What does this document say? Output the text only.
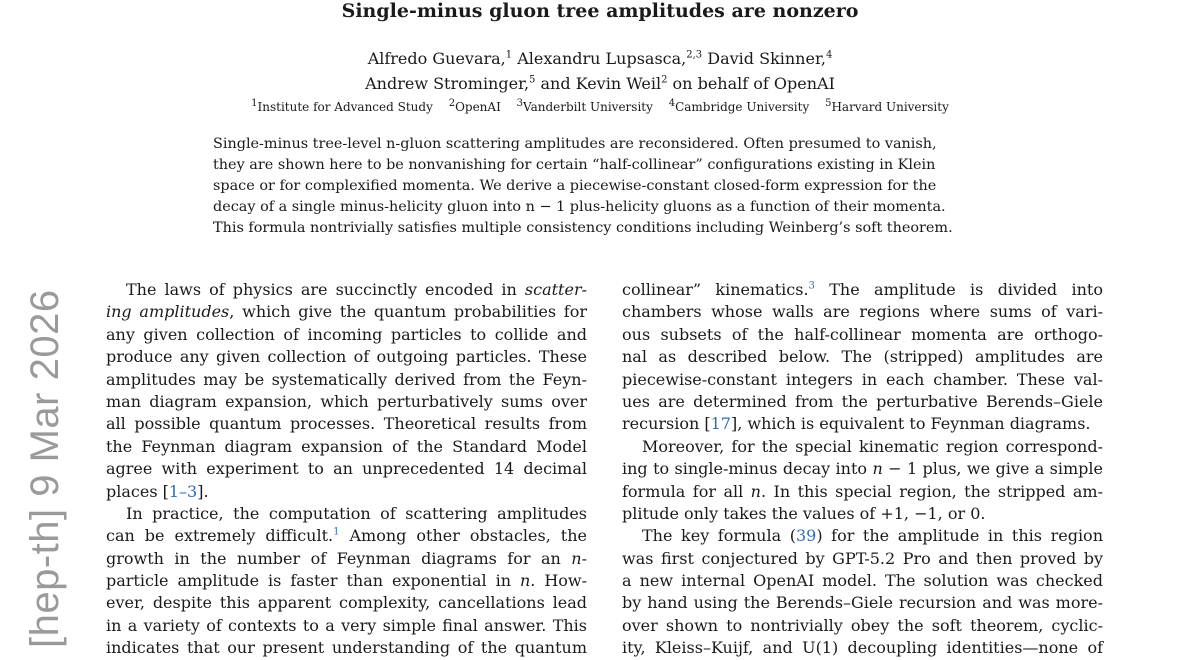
[hep-th] 9 Mar 2026
Single-minus gluon tree amplitudes are nonzero
Alfredo Guevara,$^1$ Alexandru Lupsasca,$^{2,3}$ David Skinner,$^4$
Andrew Strominger,$^5$ and Kevin Weil$^2$ on behalf of OpenAI
$^1$Institute for Advanced Study $^2$OpenAI $^3$Vanderbilt University $^4$Cambridge University $^5$Harvard University
Single-minus tree-level n-gluon scattering amplitudes are reconsidered. Often presumed to vanish,
they are shown here to be nonvanishing for certain “half-collinear” configurations existing in Klein
space or for complexified momenta. We derive a piecewise-constant closed-form expression for the
decay of a single minus-helicity gluon into n − 1 plus-helicity gluons as a function of their momenta.
This formula nontrivially satisfies multiple consistency conditions including Weinberg’s soft theorem.
The laws of physics are succinctly encoded in scatter-
ing amplitudes, which give the quantum probabilities for
any given collection of incoming particles to collide and
produce any given collection of outgoing particles. These
amplitudes may be systematically derived from the Feyn-
man diagram expansion, which perturbatively sums over
all possible quantum processes. Theoretical results from
the Feynman diagram expansion of the Standard Model
agree with experiment to an unprecedented 14 decimal
places [1–3].
In practice, the computation of scattering amplitudes
can be extremely difficult.$^1$ Among other obstacles, the
growth in the number of Feynman diagrams for an n-
particle amplitude is faster than exponential in n. How-
ever, despite this apparent complexity, cancellations lead
in a variety of contexts to a very simple final answer. This
indicates that our present understanding of the quantum
collinear” kinematics.$^3$ The amplitude is divided into
chambers whose walls are regions where sums of vari-
ous subsets of the half-collinear momenta are orthogo-
nal as described below. The (stripped) amplitudes are
piecewise-constant integers in each chamber. These val-
ues are determined from the perturbative Berends–Giele
recursion [17], which is equivalent to Feynman diagrams.
Moreover, for the special kinematic region correspond-
ing to single-minus decay into n − 1 plus, we give a simple
formula for all n. In this special region, the stripped am-
plitude only takes the values of +1, −1, or 0.
The key formula (39) for the amplitude in this region
was first conjectured by GPT-5.2 Pro and then proved by
a new internal OpenAI model. The solution was checked
by hand using the Berends–Giele recursion and was more-
over shown to nontrivially obey the soft theorem, cyclic-
ity, Kleiss–Kuijf, and U(1) decoupling identities—none of
